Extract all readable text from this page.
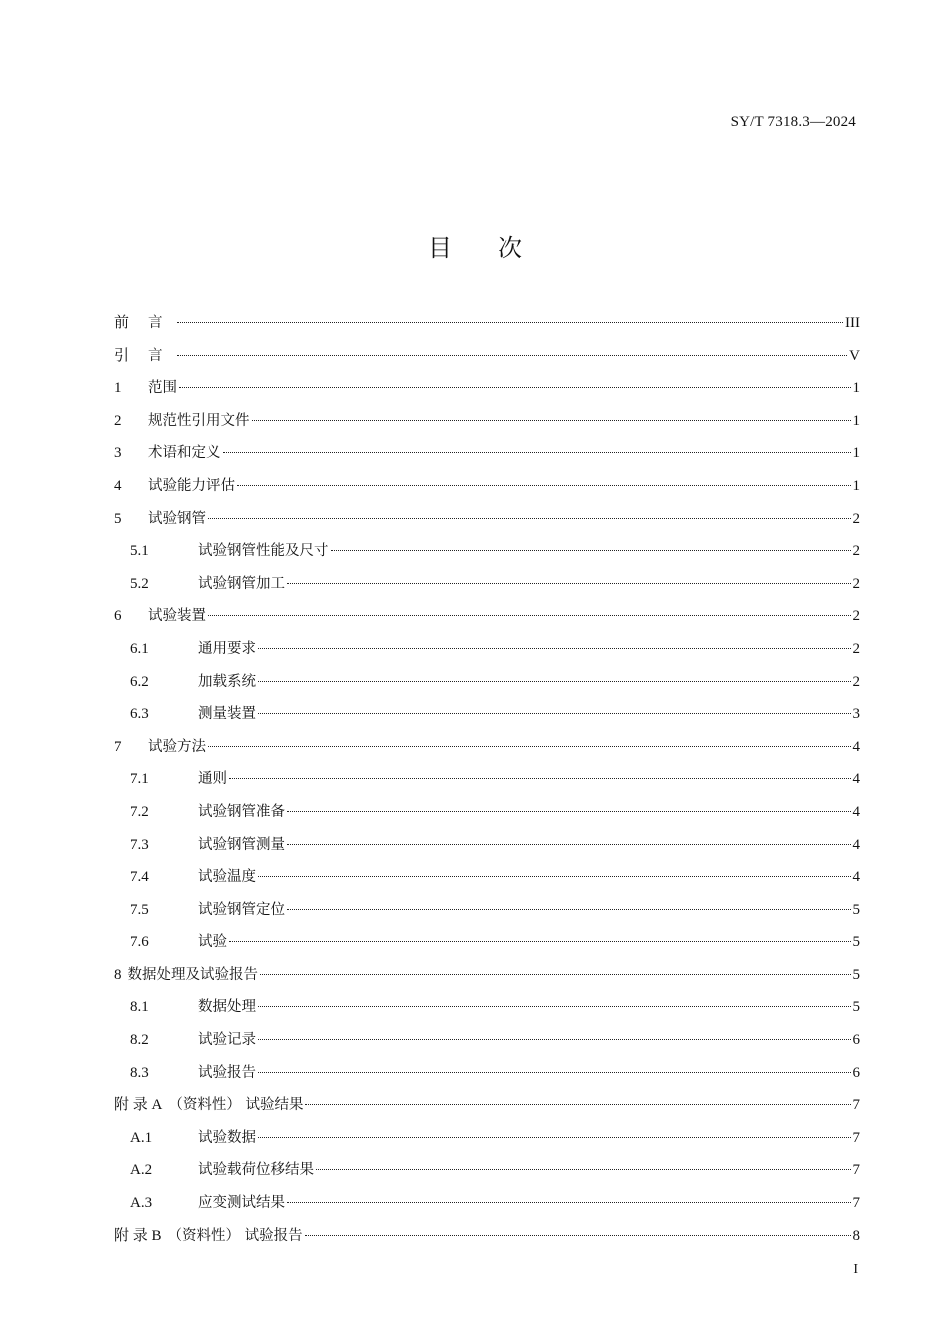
SY/T 7318.3—2024
目次
前	言	III
引	言	V
1	范围	1
2	规范性引用文件	1
3	术语和定义	1
4	试验能力评估	1
5	试验钢管	2
5.1	试验钢管性能及尺寸	2
5.2	试验钢管加工	2
6	试验装置	2
6.1	通用要求	2
6.2	加载系统	2
6.3	测量装置	3
7	试验方法	4
7.1	通则	4
7.2	试验钢管准备	4
7.3	试验钢管测量	4
7.4	试验温度	4
7.5	试验钢管定位	5
7.6	试验	5
8 数据处理及试验报告	5
8.1	数据处理	5
8.2	试验记录	6
8.3	试验报告	6
附 录 A （资料性） 试验结果	7
A.1	试验数据	7
A.2	试验载荷位移结果	7
A.3	应变测试结果	7
附 录 B （资料性） 试验报告	8
I
